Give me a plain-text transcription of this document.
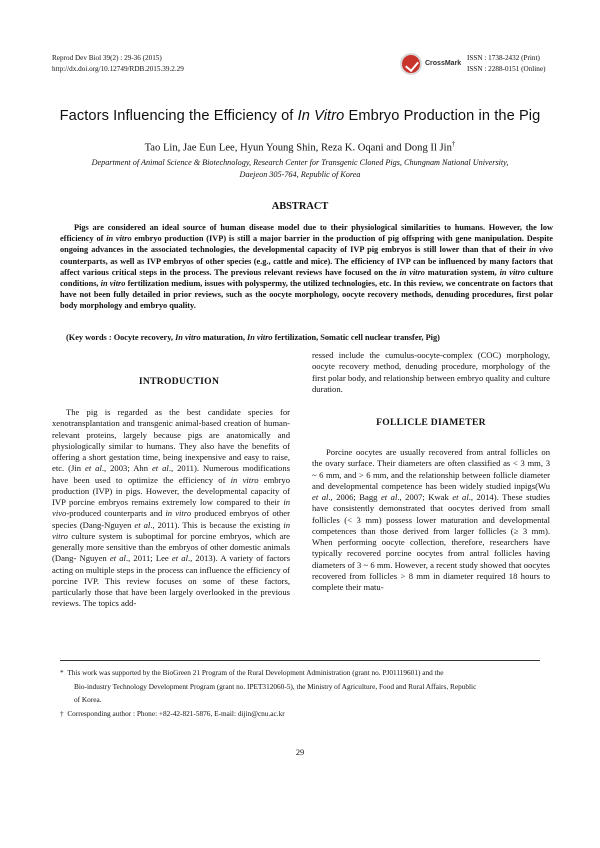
Reprod Dev Biol 39(2) : 29-36 (2015)
http://dx.doi.org/10.12749/RDB.2015.39.2.29
CrossMark
ISSN : 1738-2432 (Print)
ISSN : 2288-0151 (Online)
Factors Influencing the Efficiency of In Vitro Embryo Production in the Pig
Tao Lin, Jae Eun Lee, Hyun Young Shin, Reza K. Oqani and Dong Il Jin†
Department of Animal Science & Biotechnology, Research Center for Transgenic Cloned Pigs, Chungnam National University,
Daejeon 305-764, Republic of Korea
ABSTRACT
Pigs are considered an ideal source of human disease model due to their physiological similarities to humans. However, the low efficiency of in vitro embryo production (IVP) is still a major barrier in the production of pig offspring with gene manipulation. Despite ongoing advances in the associated technologies, the developmental capacity of IVP pig embryos is still lower than that of their in vivo counterparts, as well as IVP embryos of other species (e.g., cattle and mice). The efficiency of IVP can be influenced by many factors that affect various critical steps in the process. The previous relevant reviews have focused on the in vitro maturation system, in vitro culture conditions, in vitro fertilization medium, issues with polyspermy, the utilized technologies, etc. In this review, we concentrate on factors that have not been fully detailed in prior reviews, such as the oocyte morphology, oocyte recovery methods, denuding procedures, first polar body morphology and embryo quality.
(Key words : Oocyte recovery, In vitro maturation, In vitro fertilization, Somatic cell nuclear transfer, Pig)
INTRODUCTION

The pig is regarded as the best candidate species for xenotransplantation and transgenic animal-based creation of human-relevant proteins, largely because pigs are anatomically and physiologically similar to humans. They also have the benefits of offering a short gestation time, being inexpensive and easy to raise, etc. (Jin et al., 2003; Ahn et al., 2011). Numerous modifications have been used to optimize the efficiency of in vitro embryo production (IVP) in pigs. However, the developmental capacity of IVP porcine embryos remains extremely low compared to their in vivo-produced counterparts and in vitro produced embryos of other species (Dang-Nguyen et al., 2011). This is because the existing in vitro culture system is suboptimal for porcine embryos, which are generally more sensitive than the embryos of other domestic animals (Dang- Nguyen et al., 2011; Lee et al., 2013). A variety of factors acting on multiple steps in the process can influence the efficiency of porcine IVP. This review focuses on some of these factors, particularly those that have been largely overlooked in the previous reviews. The topics add-

ressed include the cumulus-oocyte-complex (COC) morphology, oocyte recovery method, denuding procedure, morphology of the first polar body, and relationship between embryo quality and culture duration.

FOLLICLE DIAMETER

Porcine oocytes are usually recovered from antral follicles on the ovary surface. Their diameters are often classified as < 3 mm, 3 ~ 6 mm, and > 6 mm, and the relationship between follicle diameter and developmental competence has been widely studied inpigs(Wu et al., 2006; Bagg et al., 2007; Kwak et al., 2014). These studies have consistently demonstrated that oocytes derived from small follicles (< 3 mm) possess lower maturation and developmental competences than those derived from larger follicles (≥ 3 mm). When performing oocyte collection, therefore, researchers have typically recovered porcine oocytes from antral follicles having diameters of 3 ~ 6 mm. However, a recent study showed that oocytes recovered from follicles > 8 mm in diameter required 18 hours to complete their matu-

* This work was supported by the BioGreen 21 Program of the Rural Development Administration (grant no. PJ01119601) and the

Bio-industry Technology Development Program (grant no. IPET312060-5), the Ministry of Agriculture, Food and Rural Affairs, Republic

of Korea.

† Corresponding author : Phone: +82-42-821-5876, E-mail: dijin@cnu.ac.kr

29
